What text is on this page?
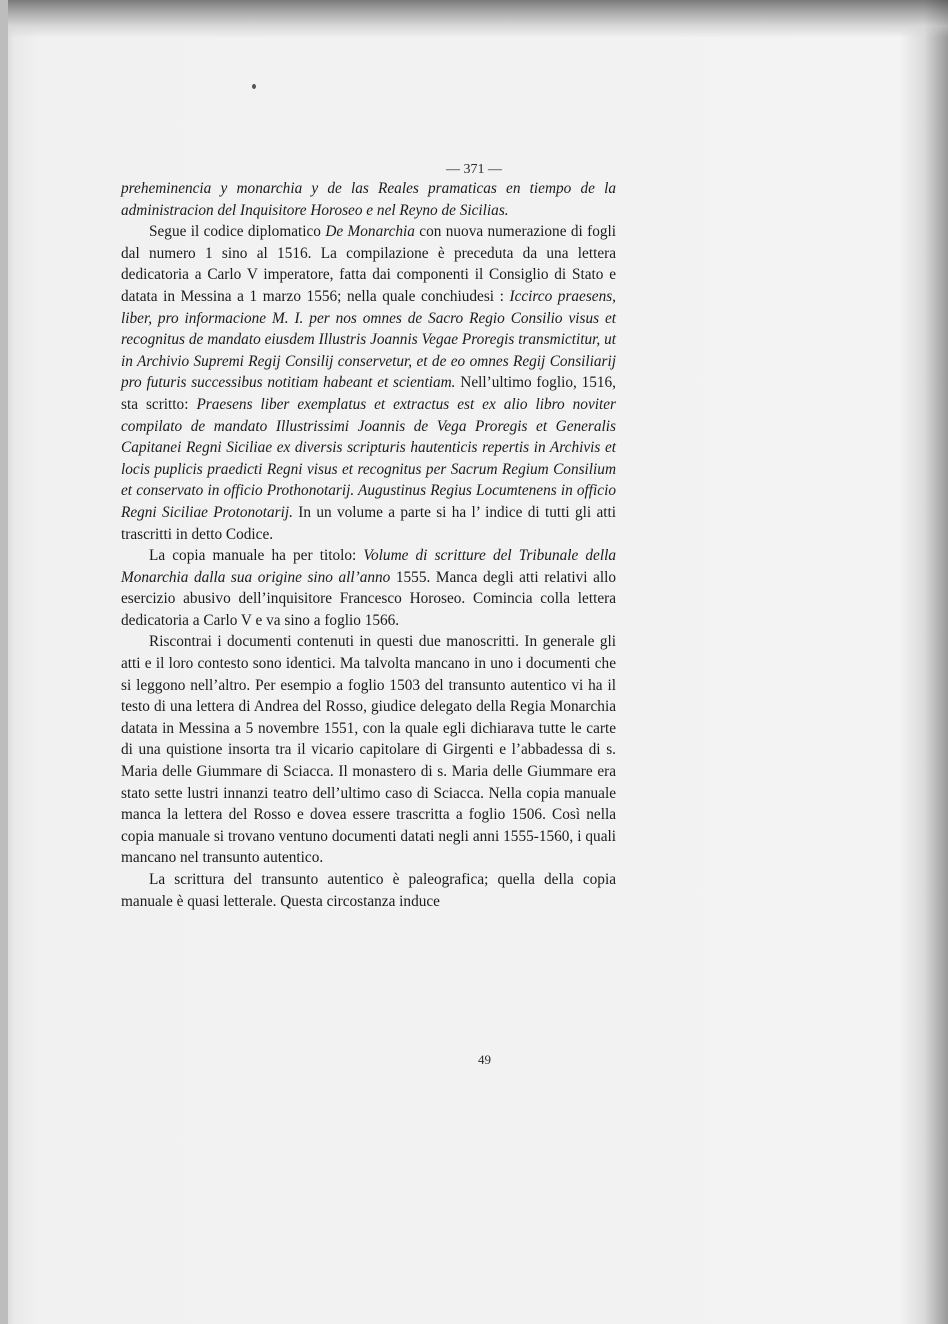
— 371 —

preheminencia y monarchia y de las Reales pramaticas en tiempo de la administracion del Inquisitore Horoseo e nel Reyno de Sicilias.

Segue il codice diplomatico De Monarchia con nuova numerazione di fogli dal numero 1 sino al 1516. La compilazione è preceduta da una lettera dedicatoria a Carlo V imperatore, fatta dai componenti il Consiglio di Stato e datata in Messina a 1 marzo 1556; nella quale conchiudesi : Iccirco praesens, liber, pro informacione M. I. per nos omnes de Sacro Regio Consilio visus et recognitus de mandato eiusdem Illustris Joannis Vegae Proregis transmictitur, ut in Archivio Supremi Regij Consilij conservetur, et de eo omnes Regij Consiliarij pro futuris successibus notitiam habeant et scientiam. Nell’ultimo foglio, 1516, sta scritto: Praesens liber exemplatus et extractus est ex alio libro noviter compilato de mandato Illustrissimi Joannis de Vega Proregis et Generalis Capitanei Regni Siciliae ex diversis scripturis hautenticis repertis in Archivis et locis puplicis praedicti Regni visus et recognitus per Sacrum Regium Consilium et conservato in officio Prothonotarij. Augustinus Regius Locumtenens in officio Regni Siciliae Protonotarij. In un volume a parte si ha l’ indice di tutti gli atti trascritti in detto Codice.

La copia manuale ha per titolo: Volume di scritture del Tribunale della Monarchia dalla sua origine sino all’anno 1555. Manca degli atti relativi allo esercizio abusivo dell’inquisitore Francesco Horoseo. Comincia colla lettera dedicatoria a Carlo V e va sino a foglio 1566.

Riscontrai i documenti contenuti in questi due manoscritti. In generale gli atti e il loro contesto sono identici. Ma talvolta mancano in uno i documenti che si leggono nell’altro. Per esempio a foglio 1503 del transunto autentico vi ha il testo di una lettera di Andrea del Rosso, giudice delegato della Regia Monarchia datata in Messina a 5 novembre 1551, con la quale egli dichiarava tutte le carte di una quistione insorta tra il vicario capitolare di Girgenti e l’abbadessa di s. Maria delle Giummare di Sciacca. Il monastero di s. Maria delle Giummare era stato sette lustri innanzi teatro dell’ultimo caso di Sciacca. Nella copia manuale manca la lettera del Rosso e dovea essere trascritta a foglio 1506. Così nella copia manuale si trovano ventuno documenti datati negli anni 1555-1560, i quali mancano nel transunto autentico.

La scrittura del transunto autentico è paleografica; quella della copia manuale è quasi letterale. Questa circostanza induce

49
